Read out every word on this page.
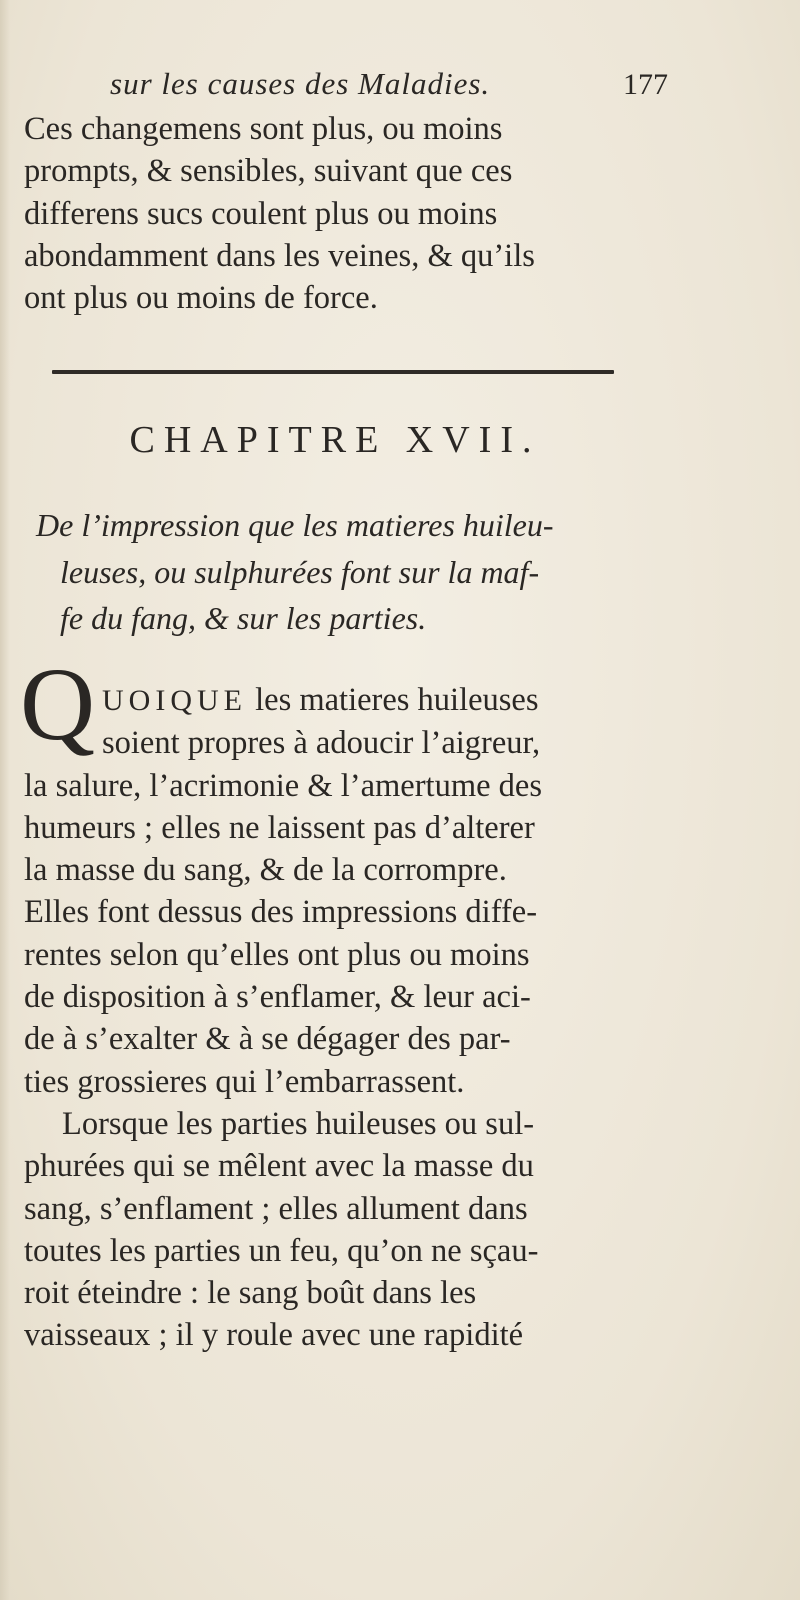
sur les causes des Maladies.	177
Ces changemens sont plus, ou moins
prompts, & sensibles, suivant que ces
differens sucs coulent plus ou moins
abondamment dans les veines, & qu’ils
ont plus ou moins de force.
CHAPITRE XVII.
De l’impression que les matieres huileu-
leuses, ou sulphurées font sur la maf-
fe du fang, & sur les parties.
Q UOIQUE les matieres huileuses
soient propres à adoucir l’aigreur,
la salure, l’acrimonie & l’amertume des
humeurs ; elles ne laissent pas d’alterer
la masse du sang, & de la corrompre.
Elles font dessus des impressions diffe-
rentes selon qu’elles ont plus ou moins
de disposition à s’enflamer, & leur aci-
de à s’exalter & à se dégager des par-
ties grossieres qui l’embarrassent.
Lorsque les parties huileuses ou sul-
phurées qui se mêlent avec la masse du
sang, s’enflament ; elles allument dans
toutes les parties un feu, qu’on ne sçau-
roit éteindre : le sang boût dans les
vaisseaux ; il y roule avec une rapidité
